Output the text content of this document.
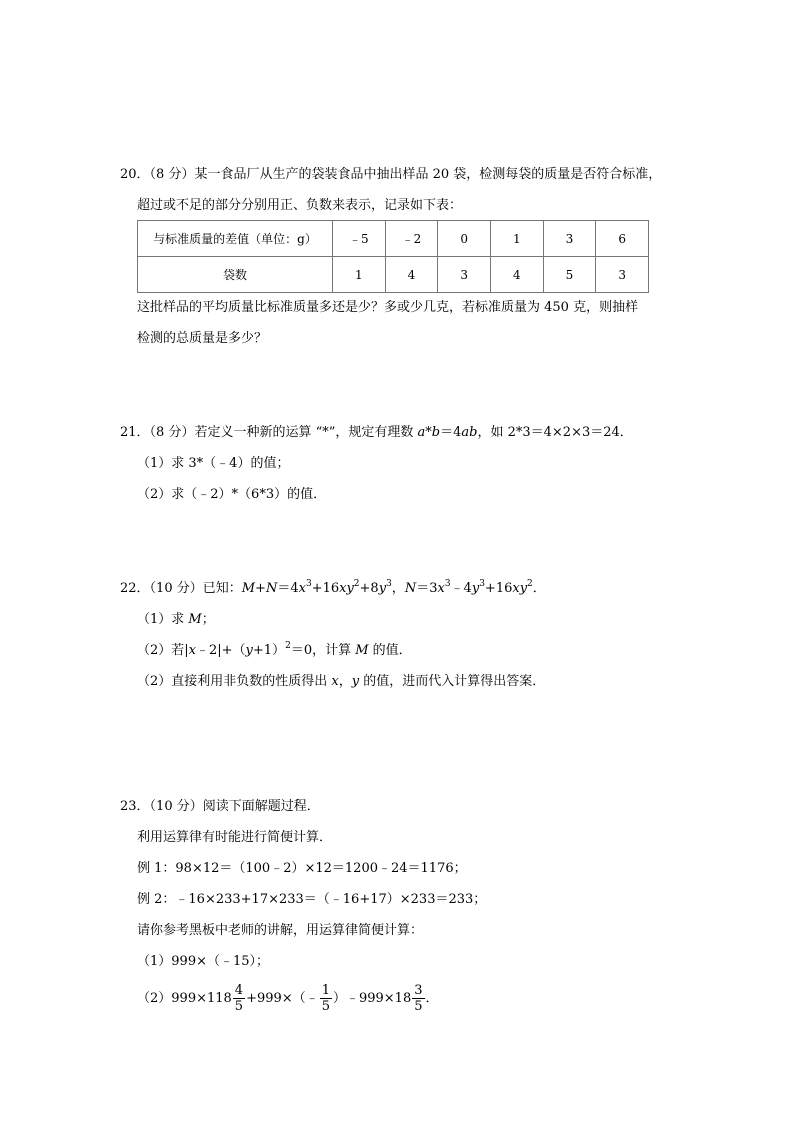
20．（8 分）某一食品厂从生产的袋装食品中抽出样品 20 袋，检测每袋的质量是否符合标准，
超过或不足的部分分别用正、负数来表示，记录如下表：
与标准质量的差值（单位：g）	﹣5	﹣2	0	1	3	6
袋数	1	4	3	4	5	3
这批样品的平均质量比标准质量多还是少？多或少几克，若标准质量为 450 克，则抽样
检测的总质量是多少？
21．（8 分）若定义一种新的运算 “*”，规定有理数 a*b＝4ab，如 2*3＝4×2×3＝24．
（1）求 3*（﹣4）的值；
（2）求（﹣2）*（6*3）的值．
22．（10 分）已知：$M+N=4x^3+16xy^2+8y^3$，$N=3x^3﹣4y^3+16xy^2$．
（1）求 M；
（2）若$|x﹣2|+(y+1)^2=0$，计算 M 的值．
（2）直接利用非负数的性质得出 x，y 的值，进而代入计算得出答案．
23．（10 分）阅读下面解题过程．
利用运算律有时能进行简便计算．
例 1：98×12＝（100﹣2）×12＝1200﹣24＝1176；
例 2：﹣16×233+17×233＝（﹣16+17）×233＝233；
请你参考黑板中老师的讲解，用运算律简便计算：
（1）999×（﹣15）；
$(2)999\times 118 \frac{4}{5}$ +999×（﹣ $\frac{1}{5}$ ）﹣999×18 $\frac{3}{5}$ ．
